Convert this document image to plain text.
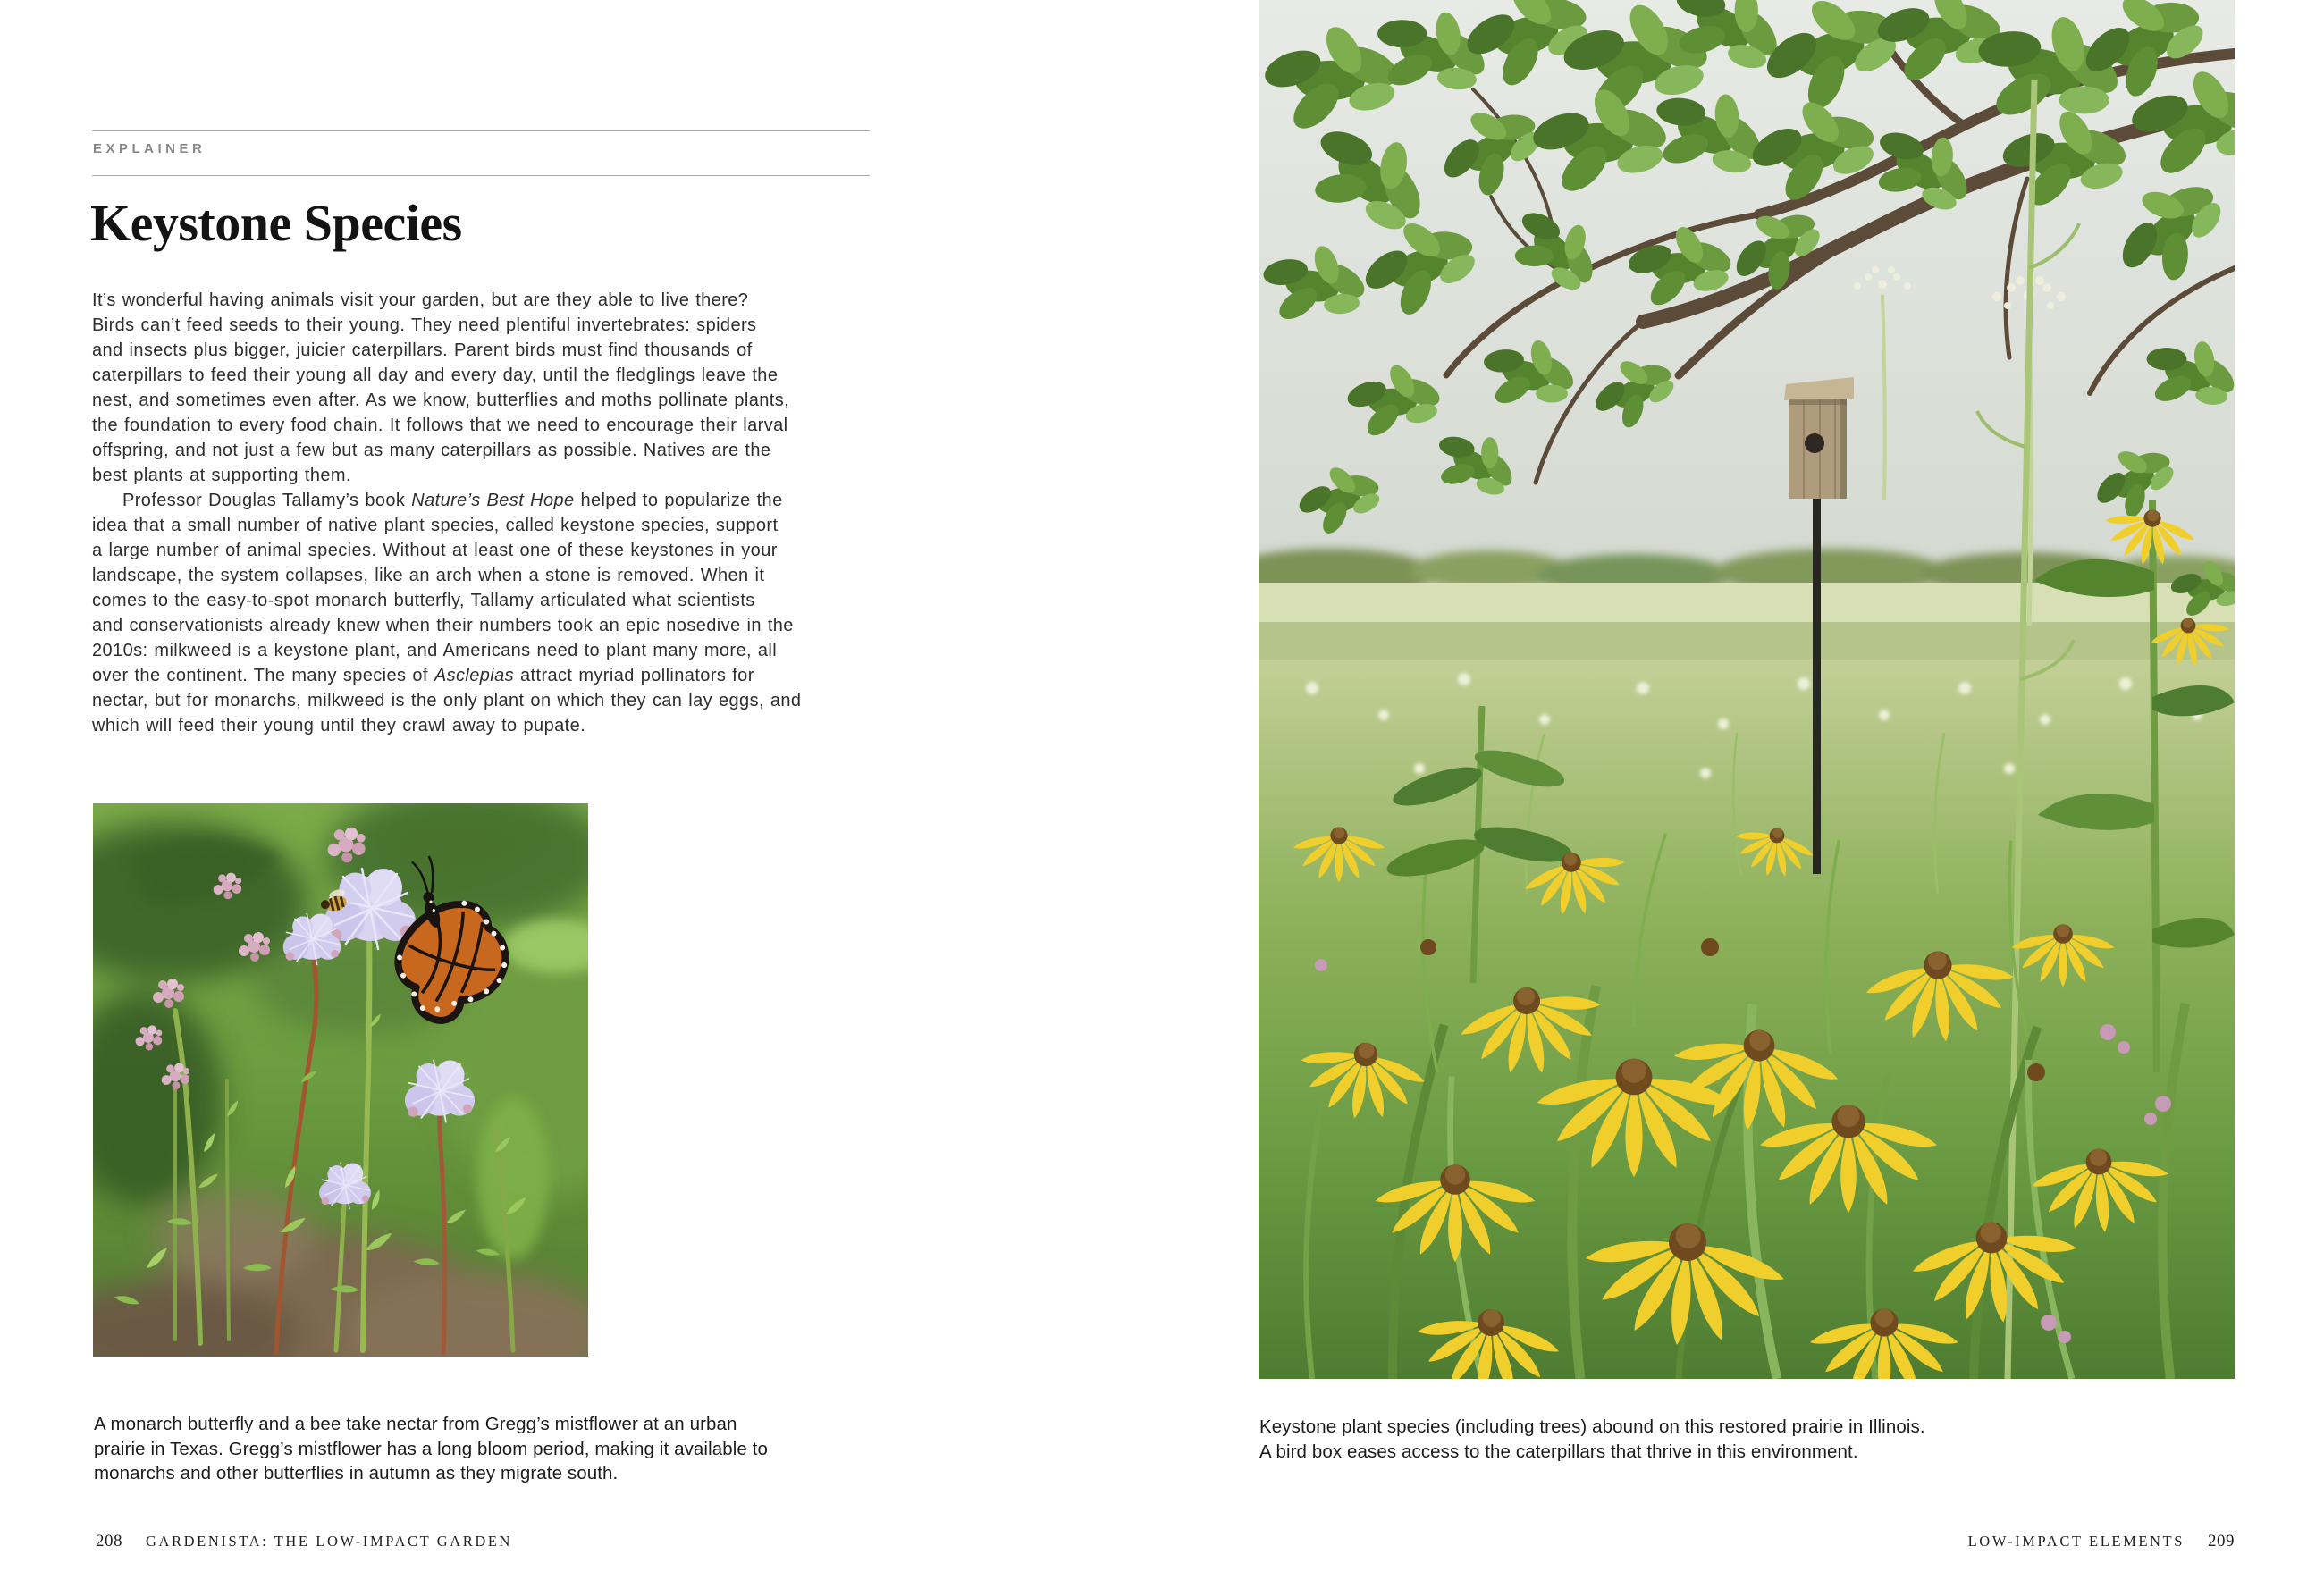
EXPLAINER
Keystone Species

It’s wonderful having animals visit your garden, but are they able to live there?
Birds can’t feed seeds to their young. They need plentiful invertebrates: spiders
and insects plus bigger, juicier caterpillars. Parent birds must find thousands of
caterpillars to feed their young all day and every day, until the fledglings leave the
nest, and sometimes even after. As we know, butterflies and moths pollinate plants,
the foundation to every food chain. It follows that we need to encourage their larval
offspring, and not just a few but as many caterpillars as possible. Natives are the
best plants at supporting them.

Professor Douglas Tallamy’s book Nature’s Best Hope helped to popularize the
idea that a small number of native plant species, called keystone species, support
a large number of animal species. Without at least one of these keystones in your
landscape, the system collapses, like an arch when a stone is removed. When it
comes to the easy-to-spot monarch butterfly, Tallamy articulated what scientists
and conservationists already knew when their numbers took an epic nosedive in the
2010s: milkweed is a keystone plant, and Americans need to plant many more, all
over the continent. The many species of Asclepias attract myriad pollinators for
nectar, but for monarchs, milkweed is the only plant on which they can lay eggs, and
which will feed their young until they crawl away to pupate.

A monarch butterfly and a bee take nectar from Gregg’s mistflower at an urban
prairie in Texas. Gregg’s mistflower has a long bloom period, making it available to
monarchs and other butterflies in autumn as they migrate south.
208 GARDENISTA: THE LOW-IMPACT GARDEN
Keystone plant species (including trees) abound on this restored prairie in Illinois.
A bird box eases access to the caterpillars that thrive in this environment.
LOW-IMPACT ELEMENTS 209
